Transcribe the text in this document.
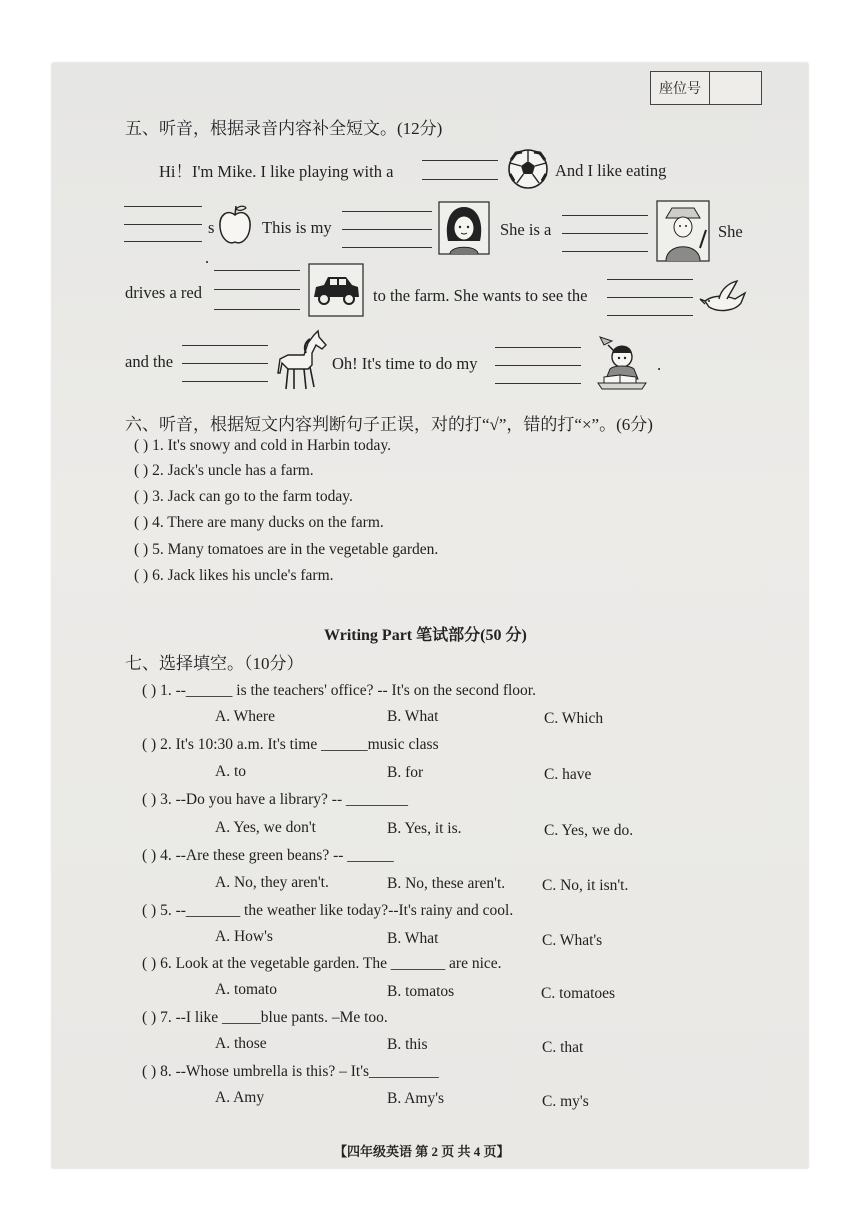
座位号
五、听音，根据录音内容补全短文。(12分)
Hi！I'm Mike. I like playing with a	And I like eating
s	This is my	She is a	She
.
drives a red	to the farm. She wants to see the
and the	Oh! It's time to do my	.
六、听音，根据短文内容判断句子正误，对的打“√”，错的打“×”。(6分)
( ) 1. It's snowy and cold in Harbin today.
( ) 2. Jack's uncle has a farm.
( ) 3. Jack can go to the farm today.
( ) 4. There are many ducks on the farm.
( ) 5. Many tomatoes are in the vegetable garden.
( ) 6. Jack likes his uncle's farm.
Writing Part 笔试部分(50 分)
七、选择填空。（10分）
( ) 1. --______ is the teachers' office? -- It's on the second floor.
A. Where	B. What	C. Which
( ) 2. It's 10:30 a.m. It's time ______music class
A. to	B. for	C. have
( ) 3. --Do you have a library? -- ________
A. Yes, we don't	B. Yes, it is.	C. Yes, we do.
( ) 4. --Are these green beans? -- ______
A. No, they aren't.	B. No, these aren't. C. No, it isn't.
( ) 5. --_______ the weather like today?--It's rainy and cool.
A. How's	B. What	C. What's
( ) 6. Look at the vegetable garden. The _______ are nice.
A. tomato	B. tomatos	C. tomatoes
( ) 7. --I like _____blue pants. –Me too.
A. those	B. this	C. that
( ) 8. --Whose umbrella is this? – It's_________
A. Amy	B. Amy's	C. my's
【四年级英语 第 2 页 共 4 页】
